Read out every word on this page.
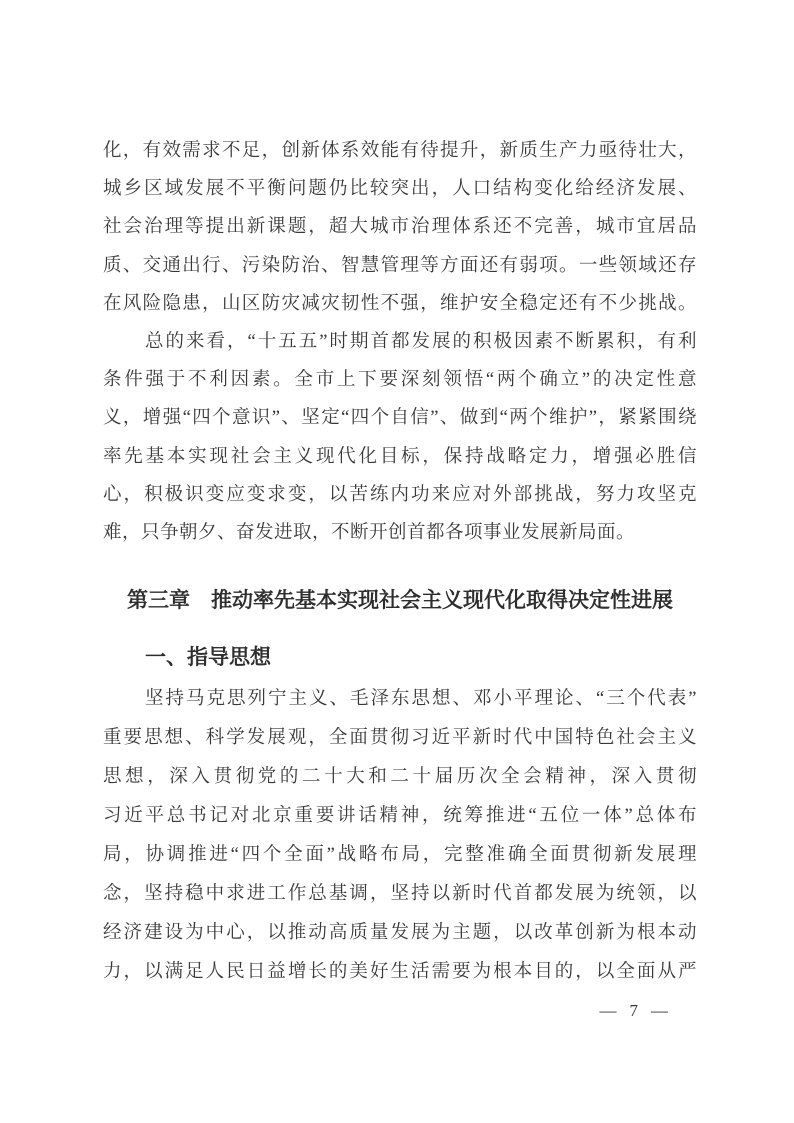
化，有效需求不足，创新体系效能有待提升，新质生产力亟待壮大，
城乡区域发展不平衡问题仍比较突出，人口结构变化给经济发展、
社会治理等提出新课题，超大城市治理体系还不完善，城市宜居品
质、交通出行、污染防治、智慧管理等方面还有弱项。一些领域还存
在风险隐患，山区防灾减灾韧性不强，维护安全稳定还有不少挑战。
总的来看，“十五五”时期首都发展的积极因素不断累积，有利
条件强于不利因素。全市上下要深刻领悟“两个确立”的决定性意
义，增强“四个意识”、坚定“四个自信”、做到“两个维护”，紧紧围绕
率先基本实现社会主义现代化目标，保持战略定力，增强必胜信
心，积极识变应变求变，以苦练内功来应对外部挑战，努力攻坚克
难，只争朝夕、奋发进取，不断开创首都各项事业发展新局面。
第三章　推动率先基本实现社会主义现代化取得决定性进展
一、指导思想
坚持马克思列宁主义、毛泽东思想、邓小平理论、“三个代表”
重要思想、科学发展观，全面贯彻习近平新时代中国特色社会主义
思想，深入贯彻党的二十大和二十届历次全会精神，深入贯彻
习近平总书记对北京重要讲话精神，统筹推进“五位一体”总体布
局，协调推进“四个全面”战略布局，完整准确全面贯彻新发展理
念，坚持稳中求进工作总基调，坚持以新时代首都发展为统领，以
经济建设为中心，以推动高质量发展为主题，以改革创新为根本动
力，以满足人民日益增长的美好生活需要为根本目的，以全面从严
— 7 —
